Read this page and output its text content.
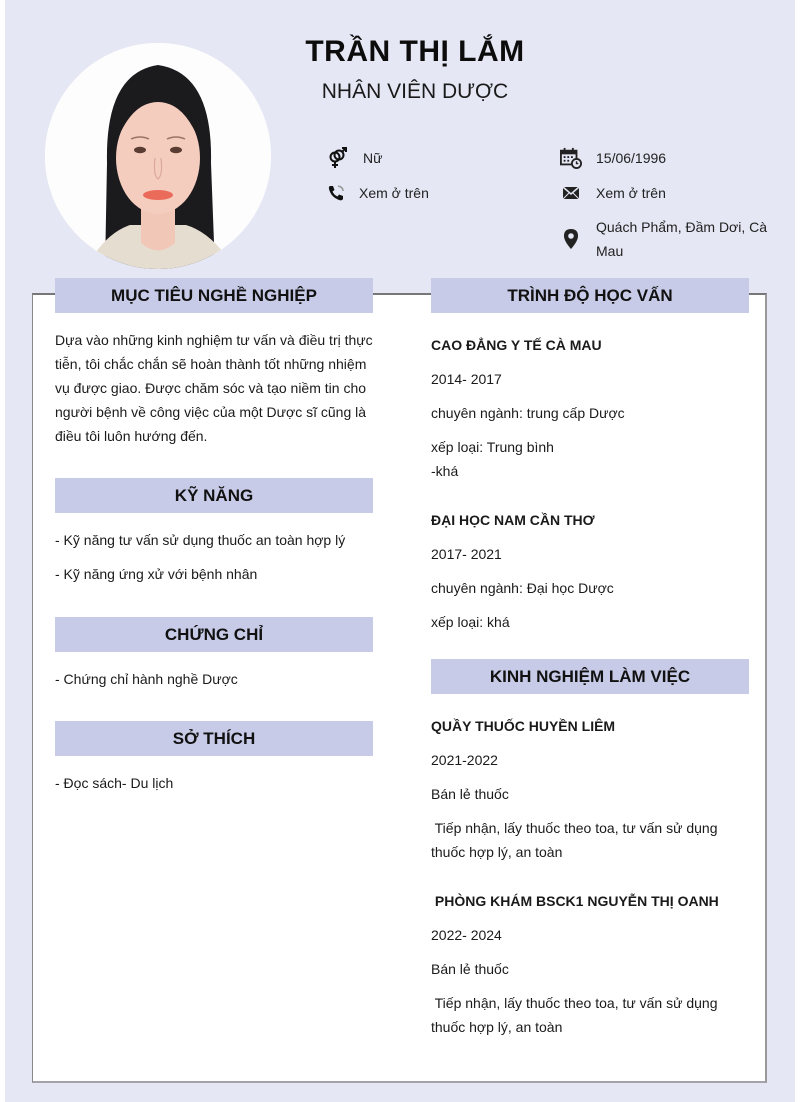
TRẦN THỊ LẮM
NHÂN VIÊN DƯỢC
Nữ
Xem ở trên
15/06/1996
Xem ở trên
Quách Phẩm, Đầm Dơi, Cà
Mau
MỤC TIÊU NGHỀ NGHIỆP
Dựa vào những kinh nghiệm tư vấn và điều trị thực
tiễn, tôi chắc chắn sẽ hoàn thành tốt những nhiệm
vụ được giao. Được chăm sóc và tạo niềm tin cho
người bệnh về công việc của một Dược sĩ cũng là
điều tôi luôn hướng đến.
KỸ NĂNG
- Kỹ năng tư vấn sử dụng thuốc an toàn hợp lý
- Kỹ năng ứng xử với bệnh nhân
CHỨNG CHỈ
- Chứng chỉ hành nghề Dược
SỞ THÍCH
- Đọc sách- Du lịch
TRÌNH ĐỘ HỌC VẤN
CAO ĐẲNG Y TẾ CÀ MAU
2014- 2017
chuyên ngành: trung cấp Dược
xếp loại: Trung bình
-khá
ĐẠI HỌC NAM CẦN THƠ
2017- 2021
chuyên ngành: Đại học Dược
xếp loại: khá
KINH NGHIỆM LÀM VIỆC
QUẦY THUỐC HUYỀN LIÊM
2021-2022
Bán lẻ thuốc
Tiếp nhận, lấy thuốc theo toa, tư vấn sử dụng
thuốc hợp lý, an toàn
PHÒNG KHÁM BSCK1 NGUYỄN THỊ OANH
2022- 2024
Bán lẻ thuốc
Tiếp nhận, lấy thuốc theo toa, tư vấn sử dụng
thuốc hợp lý, an toàn
